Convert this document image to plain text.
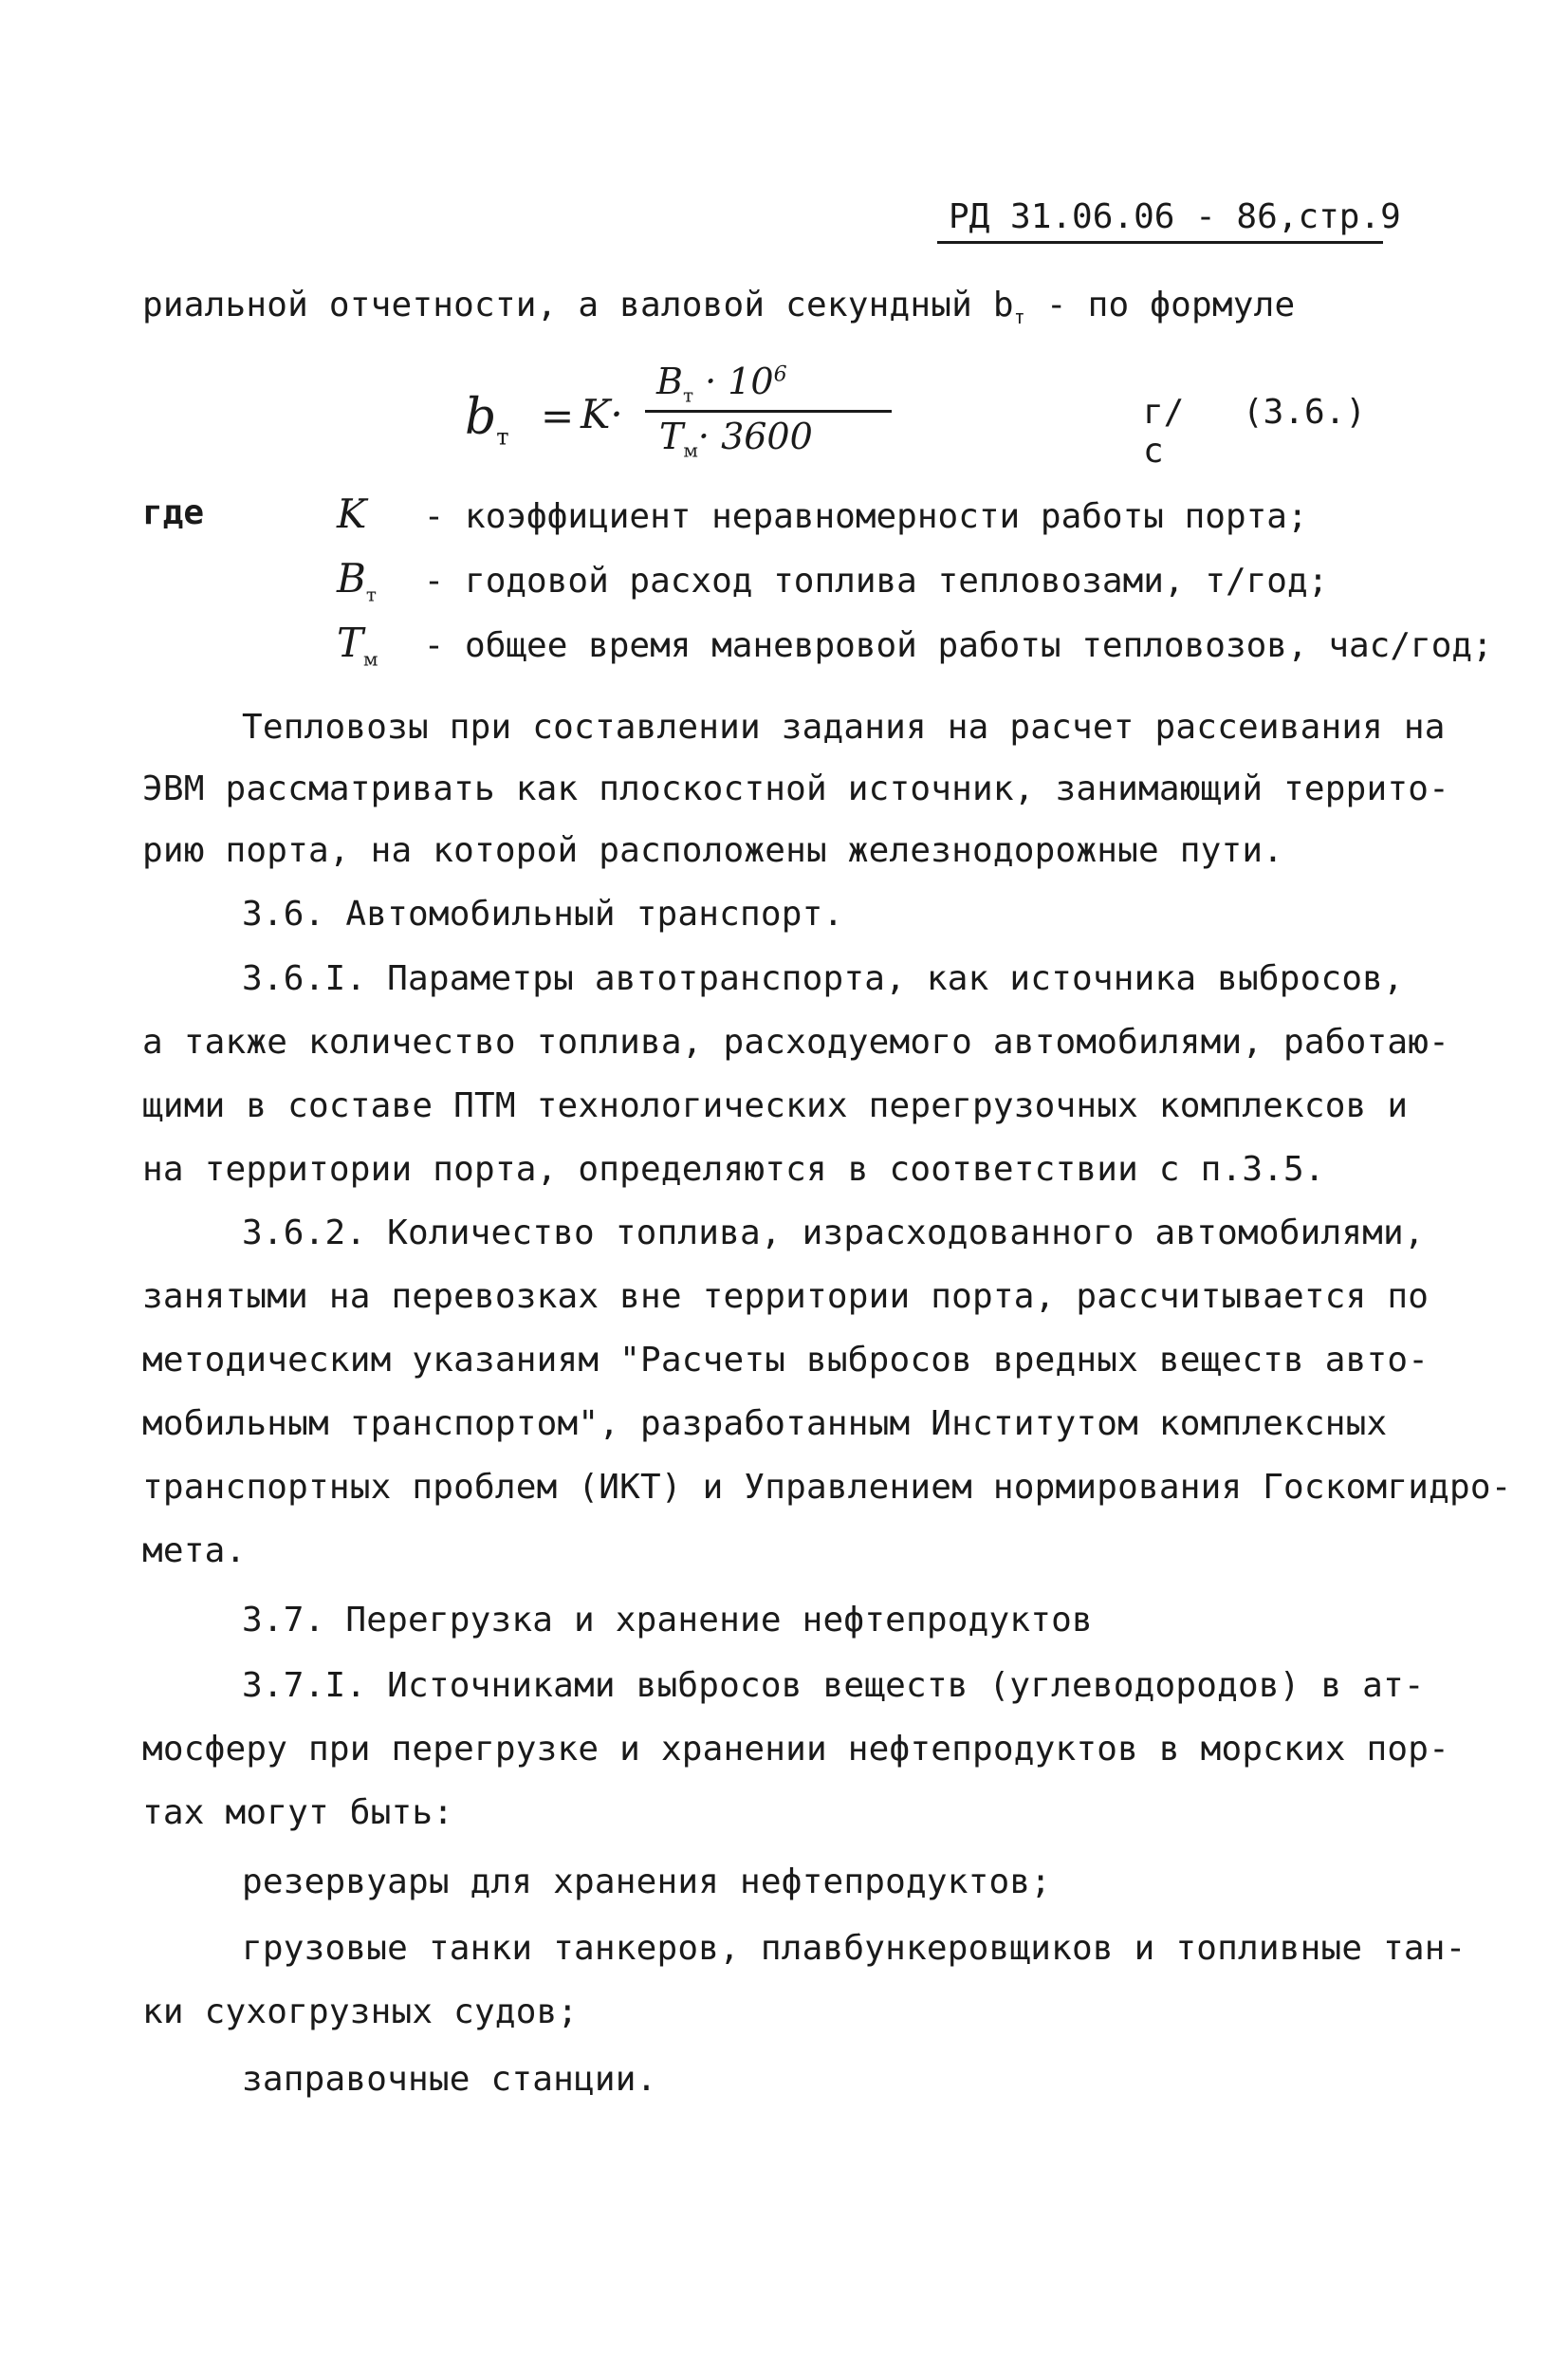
РД 31.06.06 - 86,стр.9
риальной отчетности, а валовой секундный $b_т$ - по формуле
$b_т = K\cdot$
$B_т \cdot 10^6$
$T_м\cdot 3600$
г/с
(3.6.)
где	K - коэффициент неравномерности работы порта;
$B_т$ - годовой расход топлива тепловозами, т/год;
$T_м$ - общее время маневровой работы тепловозов, час/год;
Тепловозы при составлении задания на расчет рассеивания на
ЭВМ рассматривать как плоскостной источник, занимающий террито-
рию порта, на которой расположены железнодорожные пути.
3.6. Автомобильный транспорт.
3.6.I. Параметры автотранспорта, как источника выбросов,
а также количество топлива, расходуемого автомобилями, работаю-
щими в составе ПТМ технологических перегрузочных комплексов и
на территории порта, определяются в соответствии с п.3.5.
3.6.2. Количество топлива, израсходованного автомобилями,
занятыми на перевозках вне территории порта, рассчитывается по
методическим указаниям "Расчеты выбросов вредных веществ авто-
мобильным транспортом", разработанным Институтом комплексных
транспортных проблем (ИКТ) и Управлением нормирования Госкомгидро-
мета.
3.7. Перегрузка и хранение нефтепродуктов
3.7.I. Источниками выбросов веществ (углеводородов) в ат-
мосферу при перегрузке и хранении нефтепродуктов в морских пор-
тах могут быть:
резервуары для хранения нефтепродуктов;
грузовые танки танкеров, плавбункеровщиков и топливные тан-
ки сухогрузных судов;
заправочные станции.
